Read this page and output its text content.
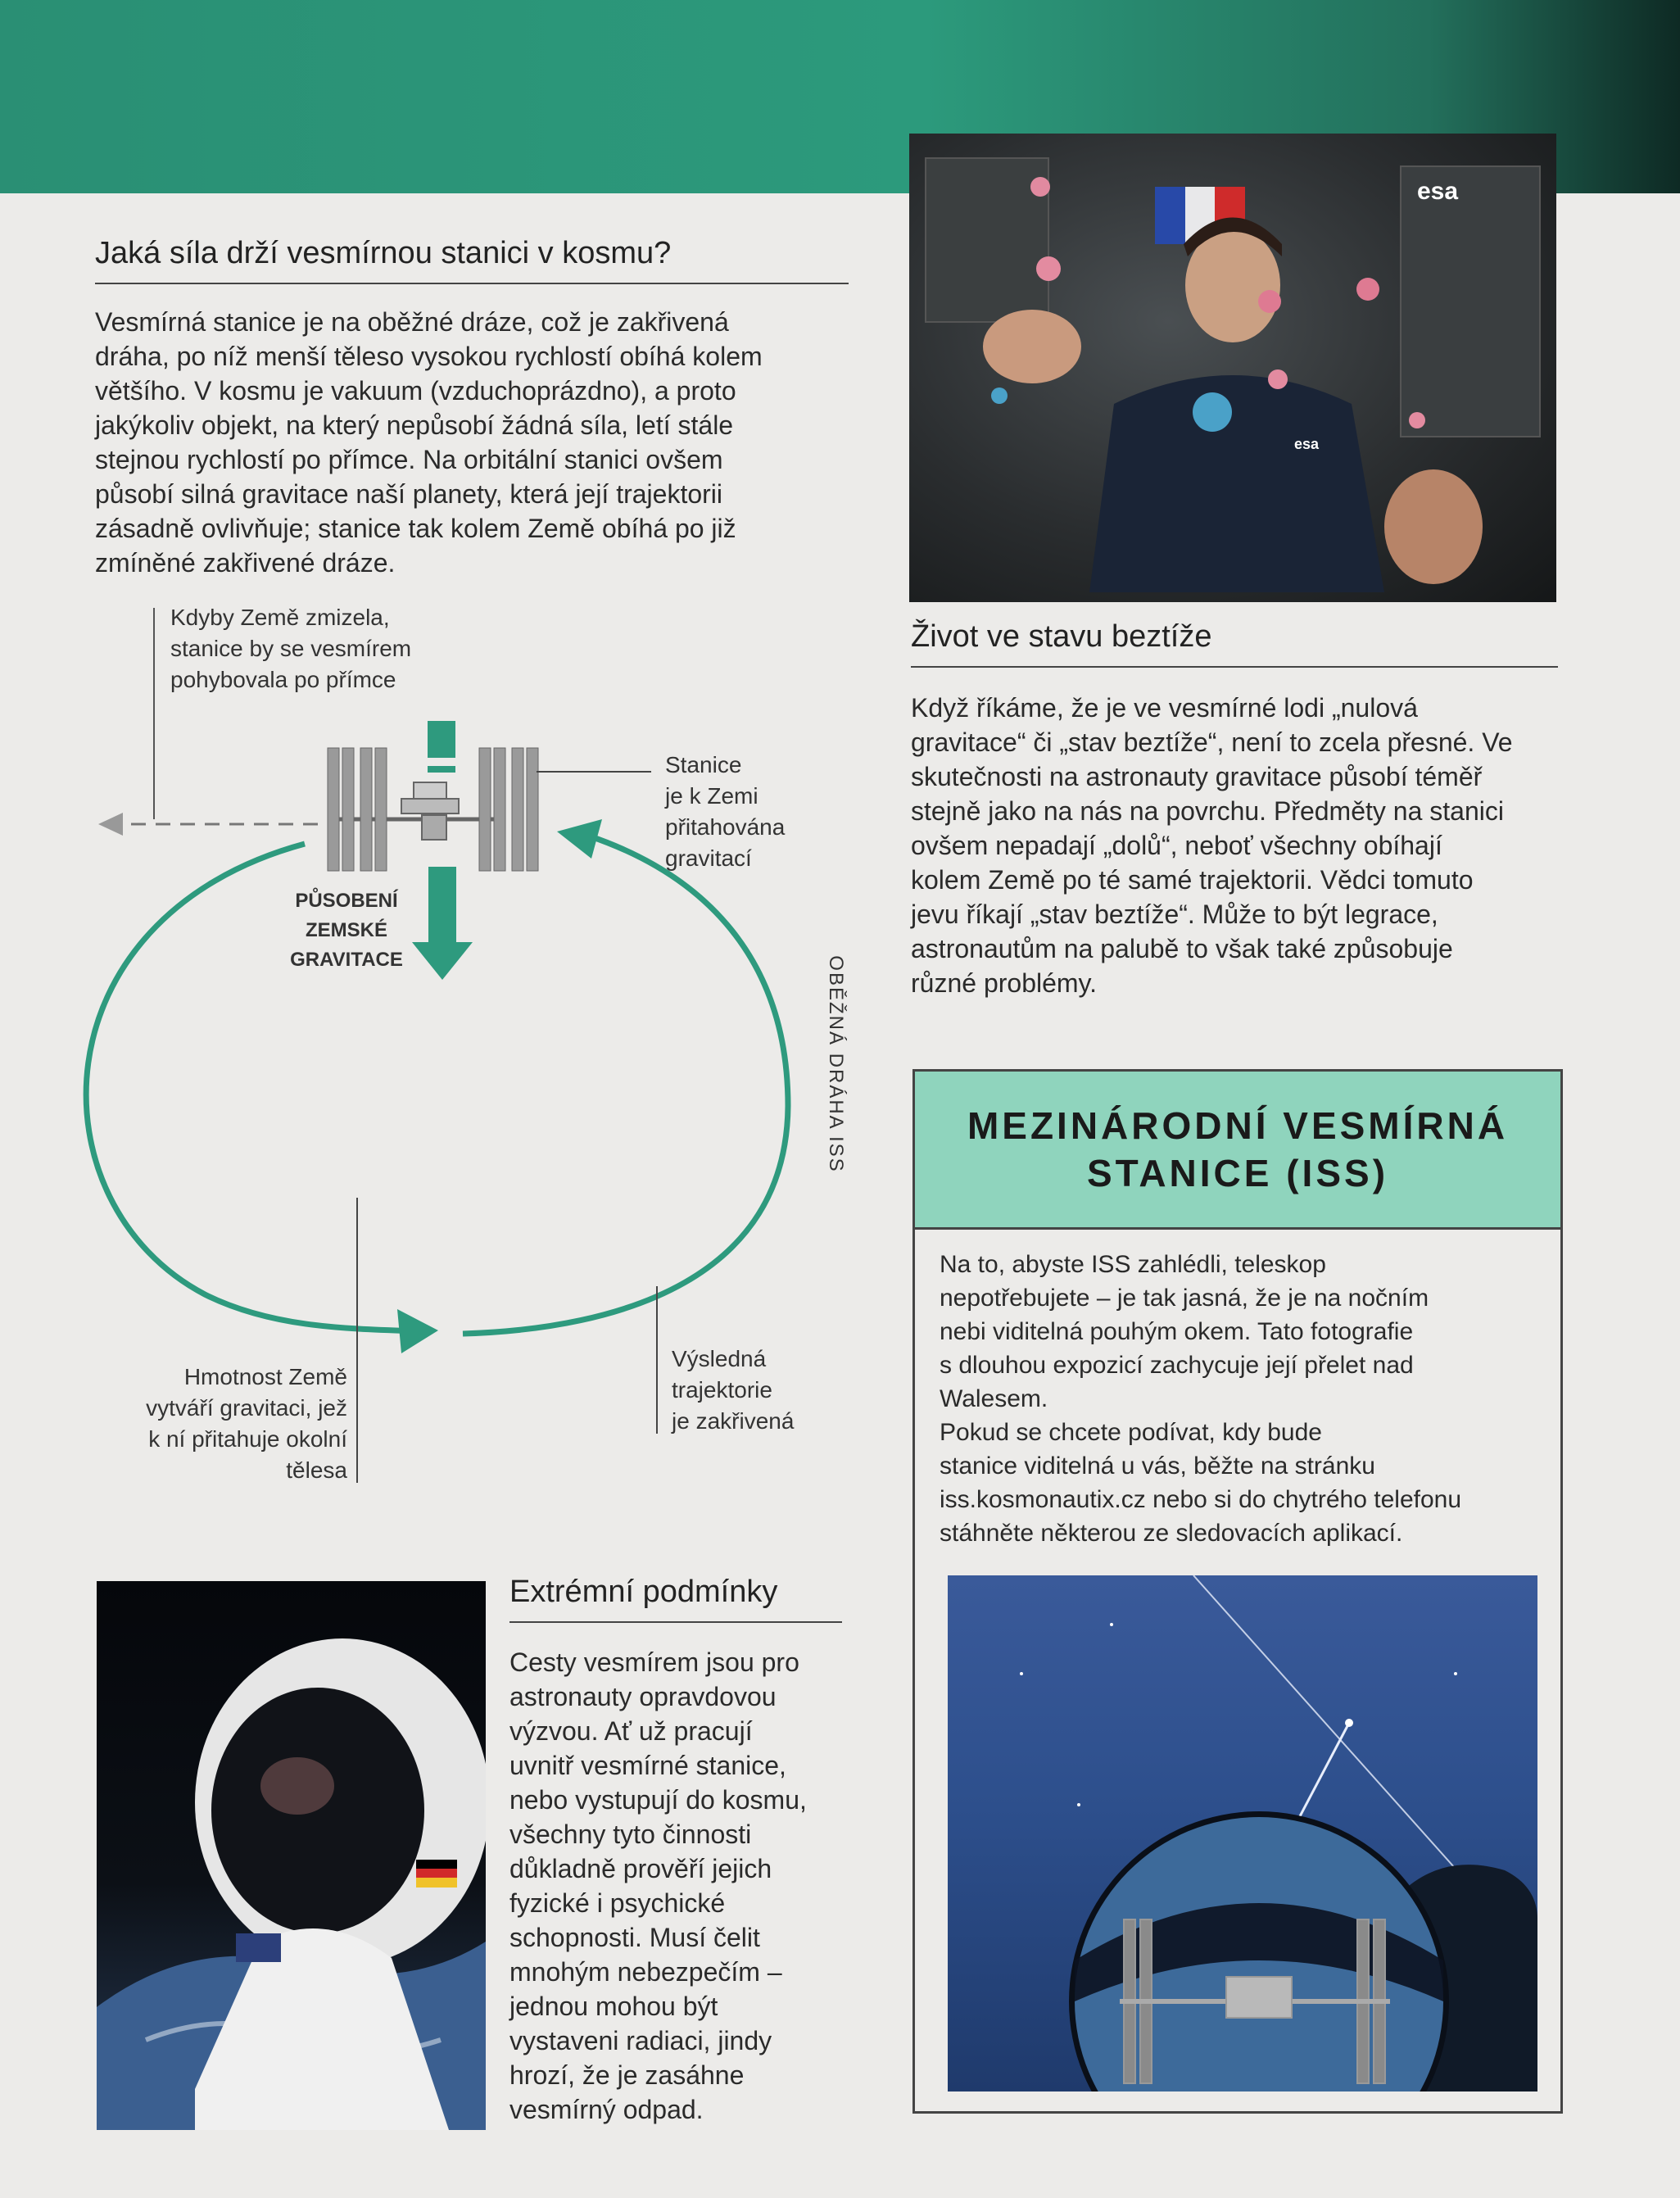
Jaká síla drží vesmírnou stanici v kosmu?
Vesmírná stanice je na oběžné dráze, což je zakřivená
dráha, po níž menší těleso vysokou rychlostí obíhá kolem
většího. V kosmu je vakuum (vzduchoprázdno), a proto
jakýkoliv objekt, na který nepůsobí žádná síla, letí stále
stejnou rychlostí po přímce. Na orbitální stanici ovšem
působí silná gravitace naší planety, která její trajektorii
zásadně ovlivňuje; stanice tak kolem Země obíhá po již
zmíněné zakřivené dráze.
Kdyby Země zmizela,
stanice by se vesmírem
pohybovala po přímce
Stanice
je k Zemi
přitahována
gravitací
PŮSOBENÍ
ZEMSKÉ
GRAVITACE	OBĚŽNÁ DRÁHA ISS
Hmotnost Země
vytváří gravitaci, jež
k ní přitahuje okolní
tělesa
Výsledná
trajektorie
je zakřivená
esa
esa
Život ve stavu beztíže
Když říkáme, že je ve vesmírné lodi „nulová
gravitace“ či „stav beztíže“, není to zcela přesné. Ve
skutečnosti na astronauty gravitace působí téměř
stejně jako na nás na povrchu. Předměty na stanici
ovšem nepadají „dolů“, neboť všechny obíhají
kolem Země po té samé trajektorii. Vědci tomuto
jevu říkají „stav beztíže“. Může to být legrace,
astronautům na palubě to však také způsobuje
různé problémy.
MEZINÁRODNÍ VESMÍRNÁ STANICE (ISS)
Na to, abyste ISS zahlédli, teleskop
nepotřebujete – je tak jasná, že je na nočním
nebi viditelná pouhým okem. Tato fotografie
s dlouhou expozicí zachycuje její přelet nad
Walesem.
Pokud se chcete podívat, kdy bude
stanice viditelná u vás, běžte na stránku
iss.kosmonautix.cz nebo si do chytrého telefonu
stáhněte některou ze sledovacích aplikací.
Extrémní podmínky
Cesty vesmírem jsou pro
astronauty opravdovou
výzvou. Ať už pracují
uvnitř vesmírné stanice,
nebo vystupují do kosmu,
všechny tyto činnosti
důkladně prověří jejich
fyzické i psychické
schopnosti. Musí čelit
mnohým nebezpečím –
jednou mohou být
vystaveni radiaci, jindy
hrozí, že je zasáhne
vesmírný odpad.
